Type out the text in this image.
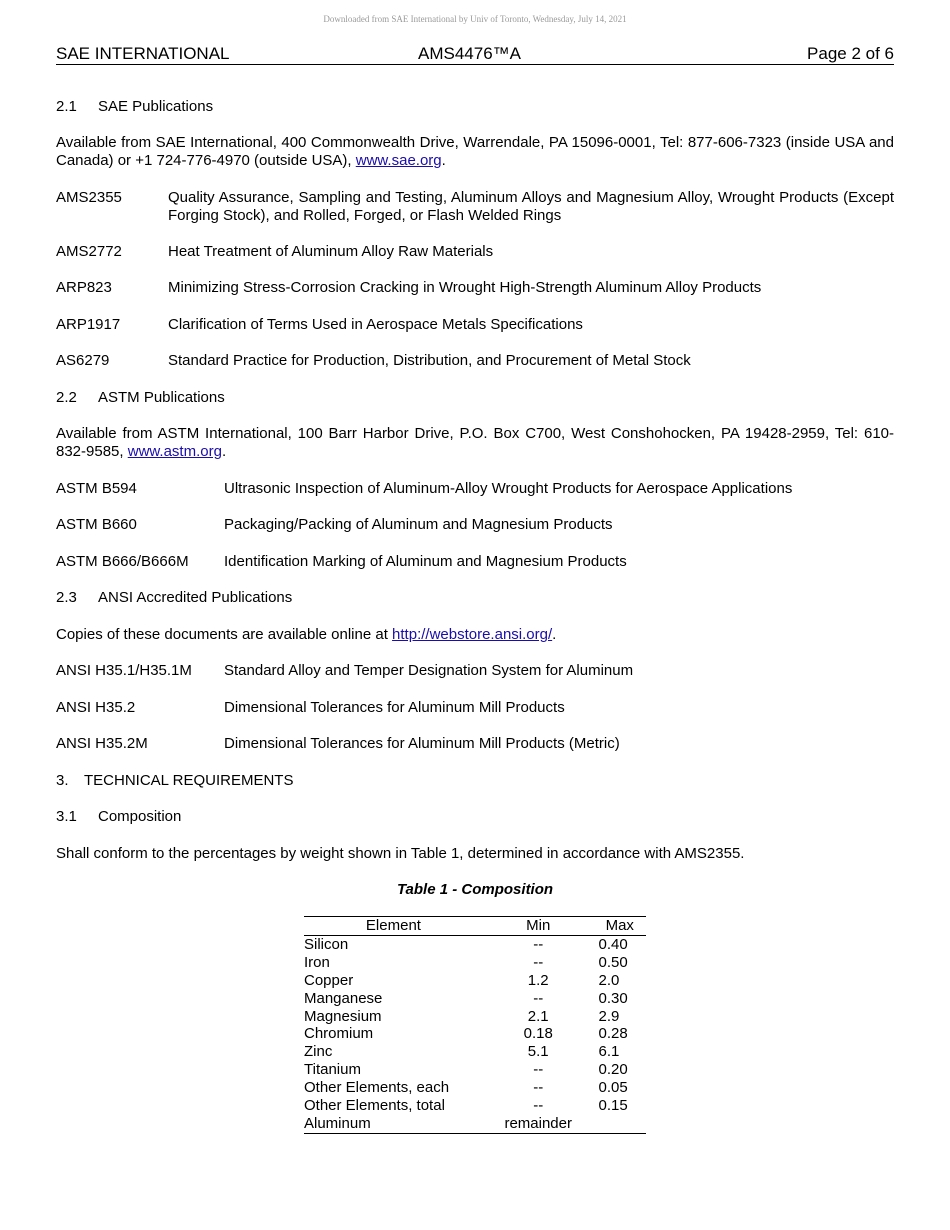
Downloaded from SAE International by Univ of Toronto, Wednesday, July 14, 2021
SAE INTERNATIONAL	AMS4476™A	Page 2 of 6
2.1 SAE Publications
Available from SAE International, 400 Commonwealth Drive, Warrendale, PA 15096-0001, Tel: 877-606-7323 (inside USA and Canada) or +1 724-776-4970 (outside USA), www.sae.org.
AMS2355	Quality Assurance, Sampling and Testing, Aluminum Alloys and Magnesium Alloy, Wrought Products (Except Forging Stock), and Rolled, Forged, or Flash Welded Rings
AMS2772	Heat Treatment of Aluminum Alloy Raw Materials
ARP823	Minimizing Stress-Corrosion Cracking in Wrought High-Strength Aluminum Alloy Products
ARP1917	Clarification of Terms Used in Aerospace Metals Specifications
AS6279	Standard Practice for Production, Distribution, and Procurement of Metal Stock
2.2 ASTM Publications
Available from ASTM International, 100 Barr Harbor Drive, P.O. Box C700, West Conshohocken, PA 19428-2959, Tel: 610-832-9585, www.astm.org.
ASTM B594	Ultrasonic Inspection of Aluminum-Alloy Wrought Products for Aerospace Applications
ASTM B660	Packaging/Packing of Aluminum and Magnesium Products
ASTM B666/B666M Identification Marking of Aluminum and Magnesium Products
2.3 ANSI Accredited Publications
Copies of these documents are available online at http://webstore.ansi.org/.
ANSI H35.1/H35.1M Standard Alloy and Temper Designation System for Aluminum
ANSI H35.2	Dimensional Tolerances for Aluminum Mill Products
ANSI H35.2M	Dimensional Tolerances for Aluminum Mill Products (Metric)
3. TECHNICAL REQUIREMENTS
3.1 Composition
Shall conform to the percentages by weight shown in Table 1, determined in accordance with AMS2355.
Table 1 - Composition
Element	Min	Max
Silicon	--	0.40
Iron	--	0.50
Copper	1.2	2.0
Manganese	--	0.30
Magnesium	2.1	2.9
Chromium	0.18	0.28
Zinc	5.1	6.1
Titanium	--	0.20
Other Elements, each	--	0.05
Other Elements, total	--	0.15
Aluminum	remainder	
